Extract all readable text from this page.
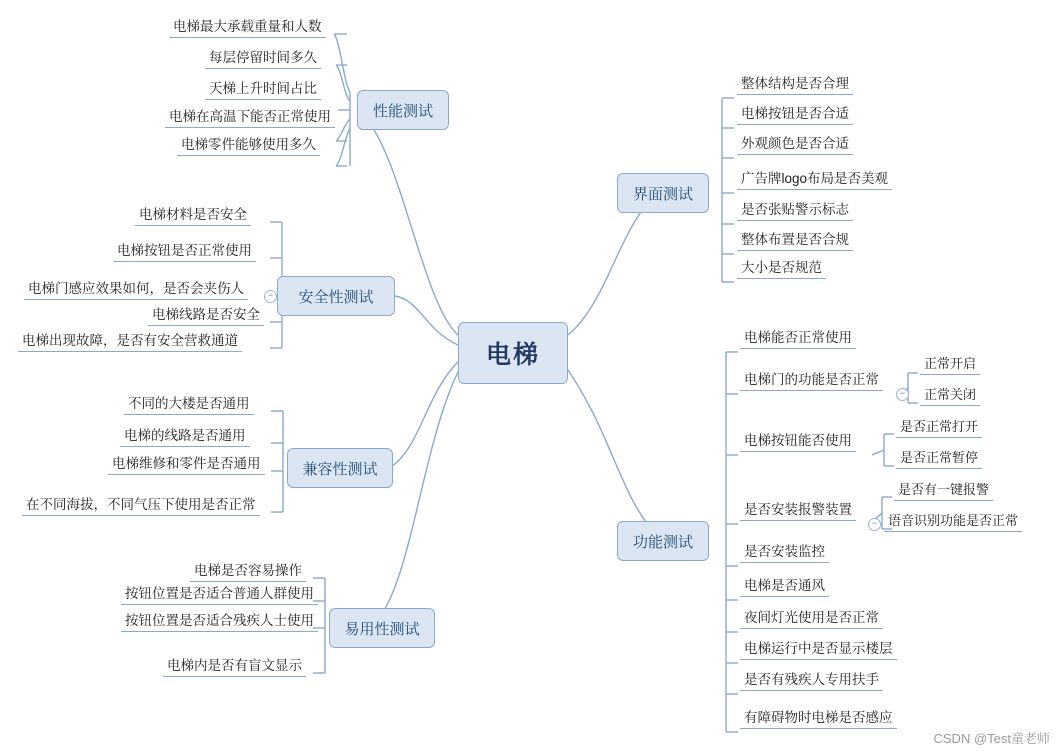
电梯
性能测试
电梯最大承载重量和人数
每层停留时间多久
天梯上升时间占比
电梯在高温下能否正常使用
电梯零件能够使用多久
安全性测试
−
电梯材料是否安全
电梯按钮是否正常使用
电梯门感应效果如何，是否会夹伤人
电梯线路是否安全
电梯出现故障，是否有安全营救通道
兼容性测试
不同的大楼是否通用
电梯的线路是否通用
电梯维修和零件是否通用
在不同海拔，不同气压下使用是否正常
易用性测试
电梯是否容易操作
按钮位置是否适合普通人群使用
按钮位置是否适合残疾人士使用
电梯内是否有盲文显示
界面测试
整体结构是否合理
电梯按钮是否合适
外观颜色是否合适
广告牌logo布局是否美观
是否张贴警示标志
整体布置是否合规
大小是否规范
功能测试
电梯能否正常使用
电梯门的功能是否正常
−
正常开启
正常关闭
电梯按钮能否使用
是否正常打开
是否正常暂停
是否安装报警装置
−
是否有一键报警
语音识别功能是否正常
是否安装监控
电梯是否通风
夜间灯光使用是否正常
电梯运行中是否显示楼层
是否有残疾人专用扶手
有障碍物时电梯是否感应
CSDN @Test童老师
